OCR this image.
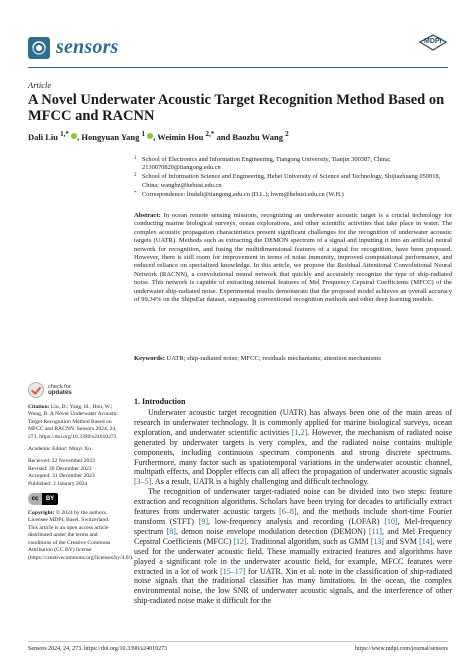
sensors	MDPI
Article
A Novel Underwater Acoustic Target Recognition Method Based on MFCC and RACNN
Dali Liu $^{1,*}$ , Hongyuan Yang $^1$ , Weimin Hou $^{2,*}$ and Baozhu Wang $^2$
1 School of Electronics and Information Engineering, Tiangong University, Tianjin 300387, China; 2130070820@tiangong.edu.cn
2 School of Information Science and Engineering, Hebei University of Science and Technology, Shijiazhuang 050018, China; wangbz@hebust.edu.cn
* Correspondence: liudali@tiangong.edu.cn (D.L.); hwm@hebust.edu.cn (W.H.)

Abstract: In ocean remote sensing missions, recognizing an underwater acoustic target is a crucial technology for conducting marine biological surveys, ocean explorations, and other scientific activities that take place in water. The complex acoustic propagation characteristics present significant challenges for the recognition of underwater acoustic targets (UATR). Methods such as extracting the DEMON spectrum of a signal and inputting it into an artificial neural network for recognition, and fusing the multidimensional features of a signal for recognition, have been proposed. However, there is still room for improvement in terms of noise immunity, improved computational performance, and reduced reliance on specialized knowledge. In this article, we propose the Residual Attentional Convolutional Neural Network (RACNN), a convolutional neural network that quickly and accurately recognize the type of ship-radiated noise. This network is capable of extracting internal features of Mel Frequency Cepstral Coefficients (MFCC) of the underwater ship-radiated noise. Experimental results demonstrate that the proposed model achieves an overall accuracy of 99.34% on the ShipsEar dataset, surpassing conventional recognition methods and other deep learning models.

Keywords: UATR; ship-radiated noise; MFCC; residuals mechanisms; attention mechanisms
check for
updates

Citation: Liu, D.; Yang, H.; Hou, W.; Wang, B. A Novel Underwater Acoustic Target Recognition Method Based on MFCC and RACNN. Sensors 2024, 24, 273. https://doi.org/10.3390/s24010273

Academic Editor: Minyi Xu

Received: 22 November 2023
Revised: 20 December 2023
Accepted: 31 December 2023
Published: 2 January 2024
cc	BY

Copyright: © 2024 by the authors. Licensee MDPI, Basel, Switzerland. This article is an open access article distributed under the terms and conditions of the Creative Commons Attribution (CC BY) license (https://creativecommons.org/licenses/by/4.0/).

1. Introduction

Underwater acoustic target recognition (UATR) has always been one of the main areas of research in underwater technology. It is commonly applied for marine biological surveys, ocean exploration, and underwater scientific activities [1,2]. However, the mechanism of radiated noise generated by underwater targets is very complex, and the radiated noise contains multiple components, including continuous spectrum components and strong discrete spectrums. Furthermore, many factor such as spatiotemporal variations in the underwater acoustic channel, multipath effects, and Doppler effects can all affect the propagation of underwater acoustic signals [3–5]. As a result, UATR is a highly challenging and difficult technology.

The recognition of underwater target-radiated noise can be divided into two steps: feature extraction and recognition algorithms. Scholars have been trying for decades to artificially extract features from underwater acoustic targets [6–8], and the methods include short-time Fourier transform (STFT) [9], low-frequency analysis and recording (LOFAR) [10], Mel-frequency spectrum [8], demon noise envelope modulation detection (DEMON) [11], and Mel Frequency Cepstral Coefficients (MFCC) [12]. Traditional algorithm, such as GMM [13] and SVM [14], were used for the underwater acoustic field. These manually extracted features and algorithms have played a significant role in the underwater acoustic field, for example, MFCC features were extracted in a lot of work [15–17] for UATR. Xin et al. note in the classification of ship-radiated noise signals that the traditional classifier has many limitations. In the ocean, the complex environmental noise, the low SNR of underwater acoustic signals, and the interference of other ship-radiated noise make it difficult for the

Sensors 2024, 24, 273. https://doi.org/10.3390/s24010273	https://www.mdpi.com/journal/sensors
